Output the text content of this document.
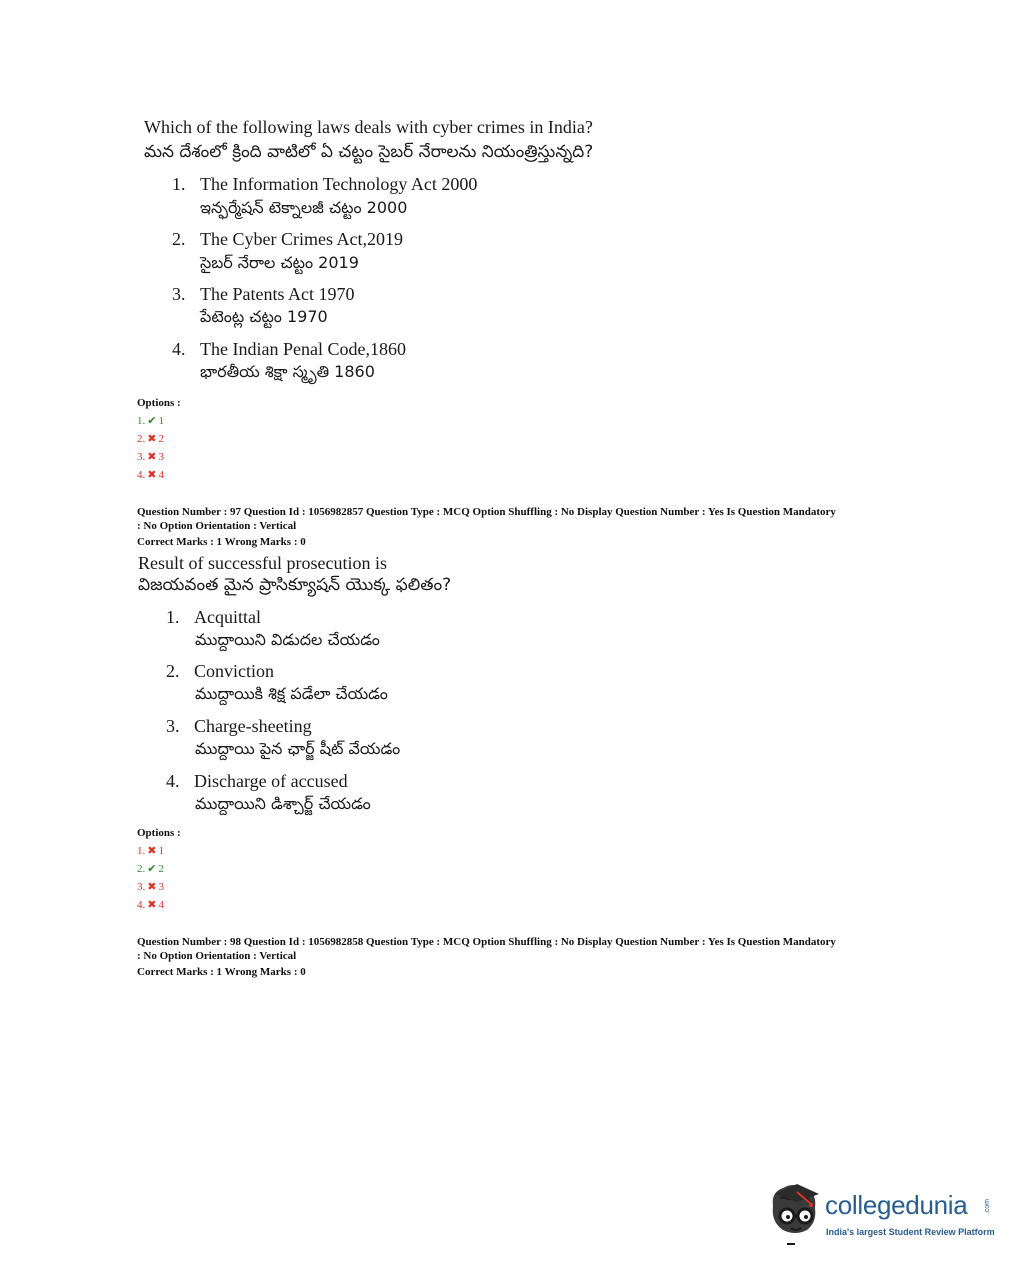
Which of the following laws deals with cyber crimes in India?
మన దేశంలో క్రింది వాటిలో ఏ చట్టం సైబర్ నేరాలను నియంత్రిస్తున్నది?
1. The Information Technology Act 2000
ఇన్ఫర్మేషన్ టెక్నాలజీ చట్టం 2000
2. The Cyber Crimes Act,2019
సైబర్ నేరాల చట్టం 2019
3. The Patents Act 1970
పేటెంట్ల చట్టం 1970
4. The Indian Penal Code,1860
భారతీయ శిక్షా స్మృతి 1860
Options :
1. ✔ 1
2. ✖ 2
3. ✖ 3
4. ✖ 4
Question Number : 97 Question Id : 1056982857 Question Type : MCQ Option Shuffling : No Display Question Number : Yes Is Question Mandatory
: No Option Orientation : Vertical
Correct Marks : 1 Wrong Marks : 0
Result of successful prosecution is
విజయవంత మైన ప్రాసిక్యూషన్ యొక్క ఫలితం?
1. Acquittal
ముద్దాయిని విడుదల చేయడం
2. Conviction
ముద్దాయికి శిక్ష పడేలా చేయడం
3. Charge-sheeting
ముద్దాయి పైన ఛార్జ్ షీట్ వేయడం
4. Discharge of accused
ముద్దాయిని డిశ్చార్జ్ చేయడం
Options :
1. ✖ 1
2. ✔ 2
3. ✖ 3
4. ✖ 4
Question Number : 98 Question Id : 1056982858 Question Type : MCQ Option Shuffling : No Display Question Number : Yes Is Question Mandatory
: No Option Orientation : Vertical
Correct Marks : 1 Wrong Marks : 0
collegedunia .com
India's largest Student Review Platform
